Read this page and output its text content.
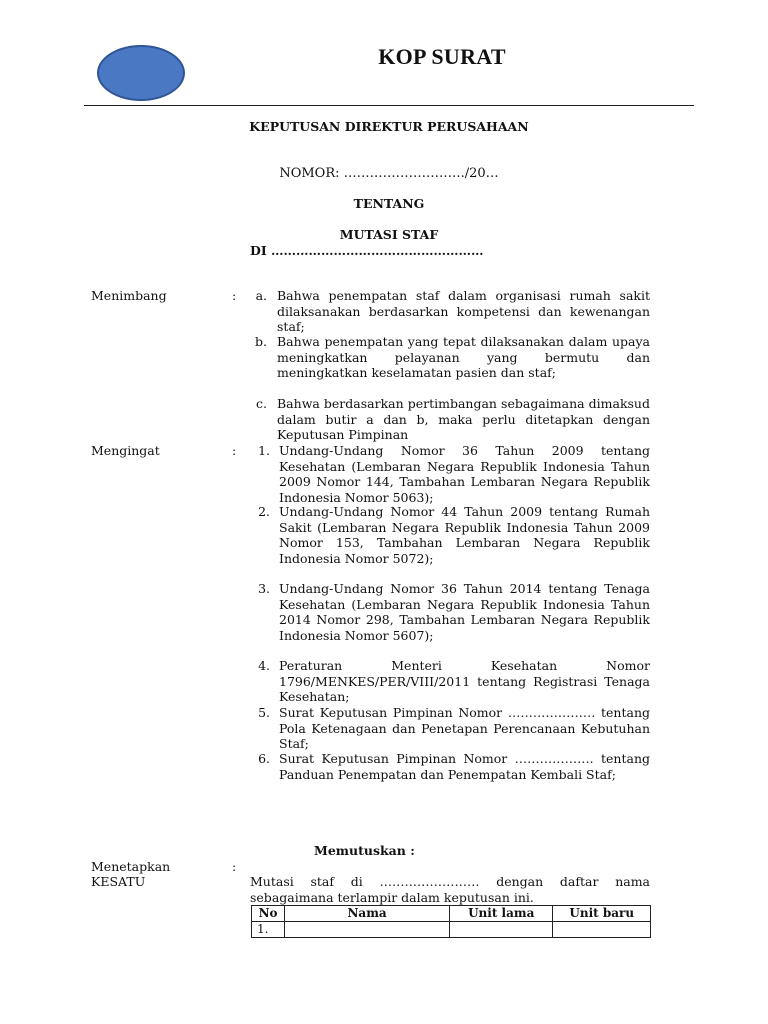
KOP SURAT
KEPUTUSAN DIREKTUR PERUSAHAAN
NOMOR: ………………………./20…
TENTANG
MUTASI STAF
DI ……………………………………………
Menimbang	:	a. Bahwa penempatan staf dalam organisasi rumah sakit dilaksanakan berdasarkan kompetensi dan kewenangan staf;
b. Bahwa penempatan yang tepat dilaksanakan dalam upaya meningkatkan pelayanan yang bermutu dan meningkatkan keselamatan pasien dan staf;
c. Bahwa berdasarkan pertimbangan sebagaimana dimaksud dalam butir a dan b, maka perlu ditetapkan dengan Keputusan Pimpinan
Mengingat	:	1. Undang-Undang Nomor 36 Tahun 2009 tentang Kesehatan (Lembaran Negara Republik Indonesia Tahun 2009 Nomor 144, Tambahan Lembaran Negara Republik Indonesia Nomor 5063);
2. Undang-Undang Nomor 44 Tahun 2009 tentang Rumah Sakit (Lembaran Negara Republik Indonesia Tahun 2009 Nomor 153, Tambahan Lembaran Negara Republik Indonesia Nomor 5072);
3. Undang-Undang Nomor 36 Tahun 2014 tentang Tenaga Kesehatan (Lembaran Negara Republik Indonesia Tahun 2014 Nomor 298, Tambahan Lembaran Negara Republik Indonesia Nomor 5607);
4. Peraturan Menteri Kesehatan Nomor 1796/MENKES/PER/VIII/2011 tentang Registrasi Tenaga Kesehatan;
5. Surat Keputusan Pimpinan Nomor ………………… tentang Pola Ketenagaan dan Penetapan Perencanaan Kebutuhan Staf;
6. Surat Keputusan Pimpinan Nomor ………………. tentang Panduan Penempatan dan Penempatan Kembali Staf;
Memutuskan :
Menetapkan	:
KESATU	Mutasi staf di …………………… dengan daftar nama sebagaimana terlampir dalam keputusan ini.
No	Nama	Unit lama	Unit baru
1.			
